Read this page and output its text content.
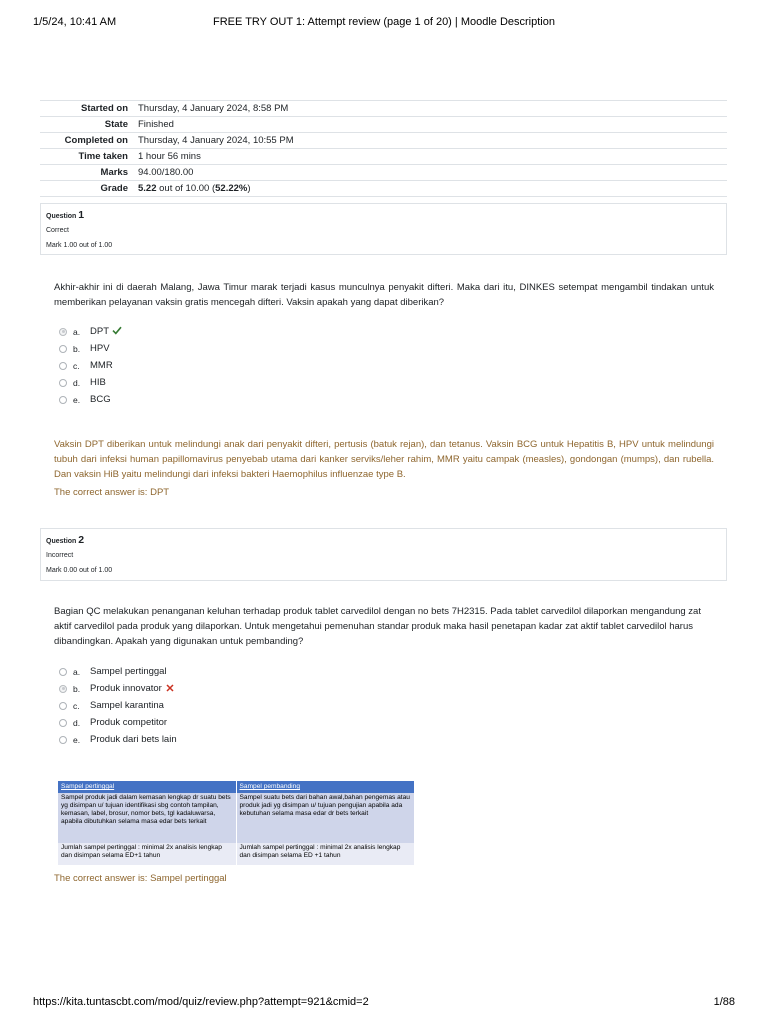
1/5/24, 10:41 AM	FREE TRY OUT 1: Attempt review (page 1 of 20) | Moodle Description
Started on	Thursday, 4 January 2024, 8:58 PM
State	Finished
Completed on	Thursday, 4 January 2024, 10:55 PM
Time taken	1 hour 56 mins
Marks	94.00/180.00
Grade	5.22 out of 10.00 (52.22%)
Question 1
Correct
Mark 1.00 out of 1.00
Akhir-akhir ini di daerah Malang, Jawa Timur marak terjadi kasus munculnya penyakit difteri. Maka dari itu, DINKES setempat mengambil tindakan untuk memberikan pelayanan vaksin gratis mencegah difteri. Vaksin apakah yang dapat diberikan?
a.	DPT
b.	HPV
c.	MMR
d.	HIB
e.	BCG
Vaksin DPT diberikan untuk melindungi anak dari penyakit difteri, pertusis (batuk rejan), dan tetanus. Vaksin BCG untuk Hepatitis B, HPV untuk melindungi tubuh dari infeksi human papillomavirus penyebab utama dari kanker serviks/leher rahim, MMR yaitu campak (measles), gondongan (mumps), dan rubella. Dan vaksin HiB yaitu melindungi dari infeksi bakteri Haemophilus influenzae type B.
The correct answer is: DPT
Question 2
Incorrect
Mark 0.00 out of 1.00
Bagian QC melakukan penanganan keluhan terhadap produk tablet carvedilol dengan no bets 7H2315. Pada tablet carvedilol dilaporkan mengandung zat aktif carvedilol pada produk yang dilaporkan. Untuk mengetahui pemenuhan standar produk maka hasil penetapan kadar zat aktif tablet carvedilol harus dibandingkan. Apakah yang digunakan untuk pembanding?
a.	Sampel pertinggal
b.	Produk innovator
c.	Sampel karantina
d.	Produk competitor
e.	Produk dari bets lain
Sampel pertinggal	Sampel pembanding
Sampel produk jadi dalam kemasan lengkap dr suatu bets yg disimpan u/ tujuan identifikasi sbg contoh tampilan, kemasan, label, brosur, nomor bets, tgl kadaluwarsa, apabila dibutuhkan selama masa edar bets terkait	Sampel suatu bets dari bahan awal,bahan pengemas atau produk jadi yg disimpan u/ tujuan pengujian apabila ada kebutuhan selama masa edar dr bets terkait
Jumlah sampel pertinggal : minimal 2x analisis lengkap dan disimpan selama ED+1 tahun	Jumlah sampel pertinggal : minimal 2x analisis lengkap dan disimpan selama ED +1 tahun
The correct answer is: Sampel pertinggal
https://kita.tuntascbt.com/mod/quiz/review.php?attempt=921&cmid=2	1/88
